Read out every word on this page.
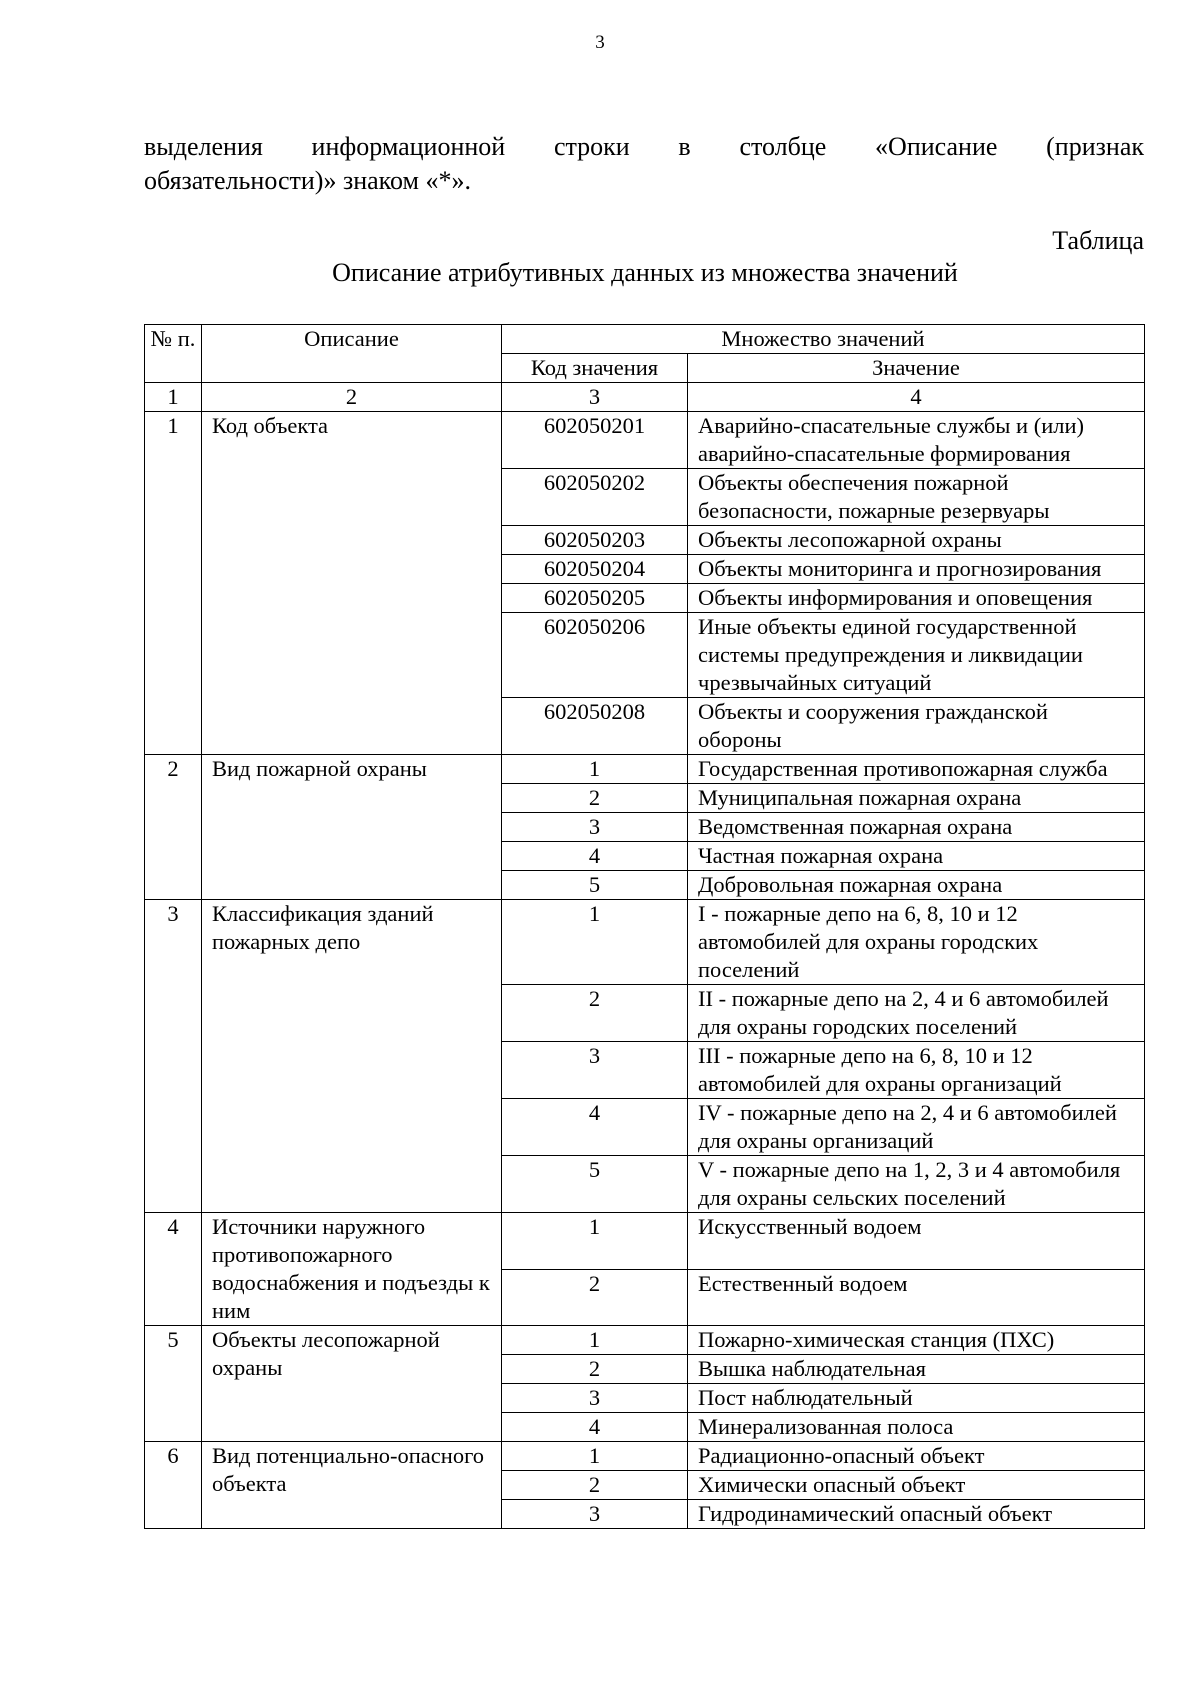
3
выделения информационной строки в столбце «Описание (признак
обязательности)» знаком «*».
Таблица
Описание атрибутивных данных из множества значений
№ п.	Описание	Множество значений	
		Код значения	Значение
1	2	3	4
1	Код объекта	602050201	Аварийно-спасательные службы и (или) аварийно-спасательные формирования
		602050202	Объекты обеспечения пожарной безопасности, пожарные резервуары
		602050203	Объекты лесопожарной охраны
		602050204	Объекты мониторинга и прогнозирования
		602050205	Объекты информирования и оповещения
		602050206	Иные объекты единой государственной системы предупреждения и ликвидации чрезвычайных ситуаций
		602050208	Объекты и сооружения гражданской обороны
2	Вид пожарной охраны	1	Государственная противопожарная служба
		2	Муниципальная пожарная охрана
		3	Ведомственная пожарная охрана
		4	Частная пожарная охрана
		5	Добровольная пожарная охрана
3	Классификация зданий пожарных депо	1	I - пожарные депо на 6, 8, 10 и 12 автомобилей для охраны городских поселений
		2	II - пожарные депо на 2, 4 и 6 автомобилей для охраны городских поселений
		3	III - пожарные депо на 6, 8, 10 и 12 автомобилей для охраны организаций
		4	IV - пожарные депо на 2, 4 и 6 автомобилей для охраны организаций
		5	V - пожарные депо на 1, 2, 3 и 4 автомобиля для охраны сельских поселений
4	Источники наружного противопожарного водоснабжения и подъезды к ним	1	Искусственный водоем
		2	Естественный водоем
5	Объекты лесопожарной охраны	1	Пожарно-химическая станция (ПХС)
		2	Вышка наблюдательная
		3	Пост наблюдательный
		4	Минерализованная полоса
6	Вид потенциально-опасного объекта	1	Радиационно-опасный объект
		2	Химически опасный объект
		3	Гидродинамический опасный объект
